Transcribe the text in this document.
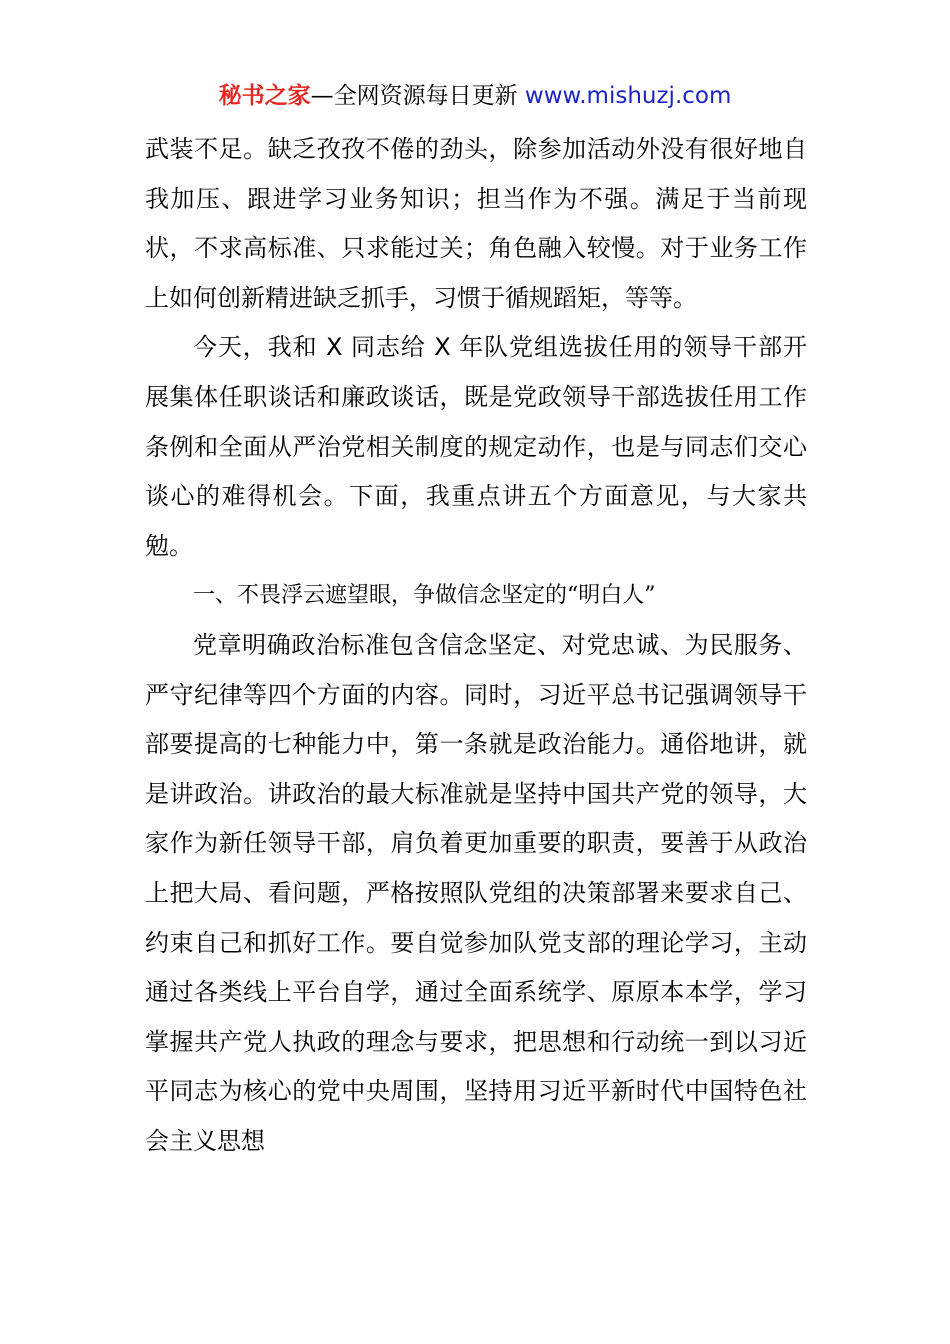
秘书之家—全网资源每日更新 www.mishuzj.com

武装不足。缺乏孜孜不倦的劲头，除参加活动外没有很好地自我加压、跟进学习业务知识；担当作为不强。满足于当前现状，不求高标准、只求能过关；角色融入较慢。对于业务工作上如何创新精进缺乏抓手，习惯于循规蹈矩，等等。

今天，我和 X 同志给 X 年队党组选拔任用的领导干部开展集体任职谈话和廉政谈话，既是党政领导干部选拔任用工作条例和全面从严治党相关制度的规定动作，也是与同志们交心谈心的难得机会。下面，我重点讲五个方面意见，与大家共勉。

一、不畏浮云遮望眼，争做信念坚定的“明白人”

党章明确政治标准包含信念坚定、对党忠诚、为民服务、严守纪律等四个方面的内容。同时，习近平总书记强调领导干部要提高的七种能力中，第一条就是政治能力。通俗地讲，就是讲政治。讲政治的最大标准就是坚持中国共产党的领导，大家作为新任领导干部，肩负着更加重要的职责，要善于从政治上把大局、看问题，严格按照队党组的决策部署来要求自己、约束自己和抓好工作。要自觉参加队党支部的理论学习，主动通过各类线上平台自学，通过全面系统学、原原本本学，学习掌握共产党人执政的理念与要求，把思想和行动统一到以习近平同志为核心的党中央周围，坚持用习近平新时代中国特色社会主义思想
